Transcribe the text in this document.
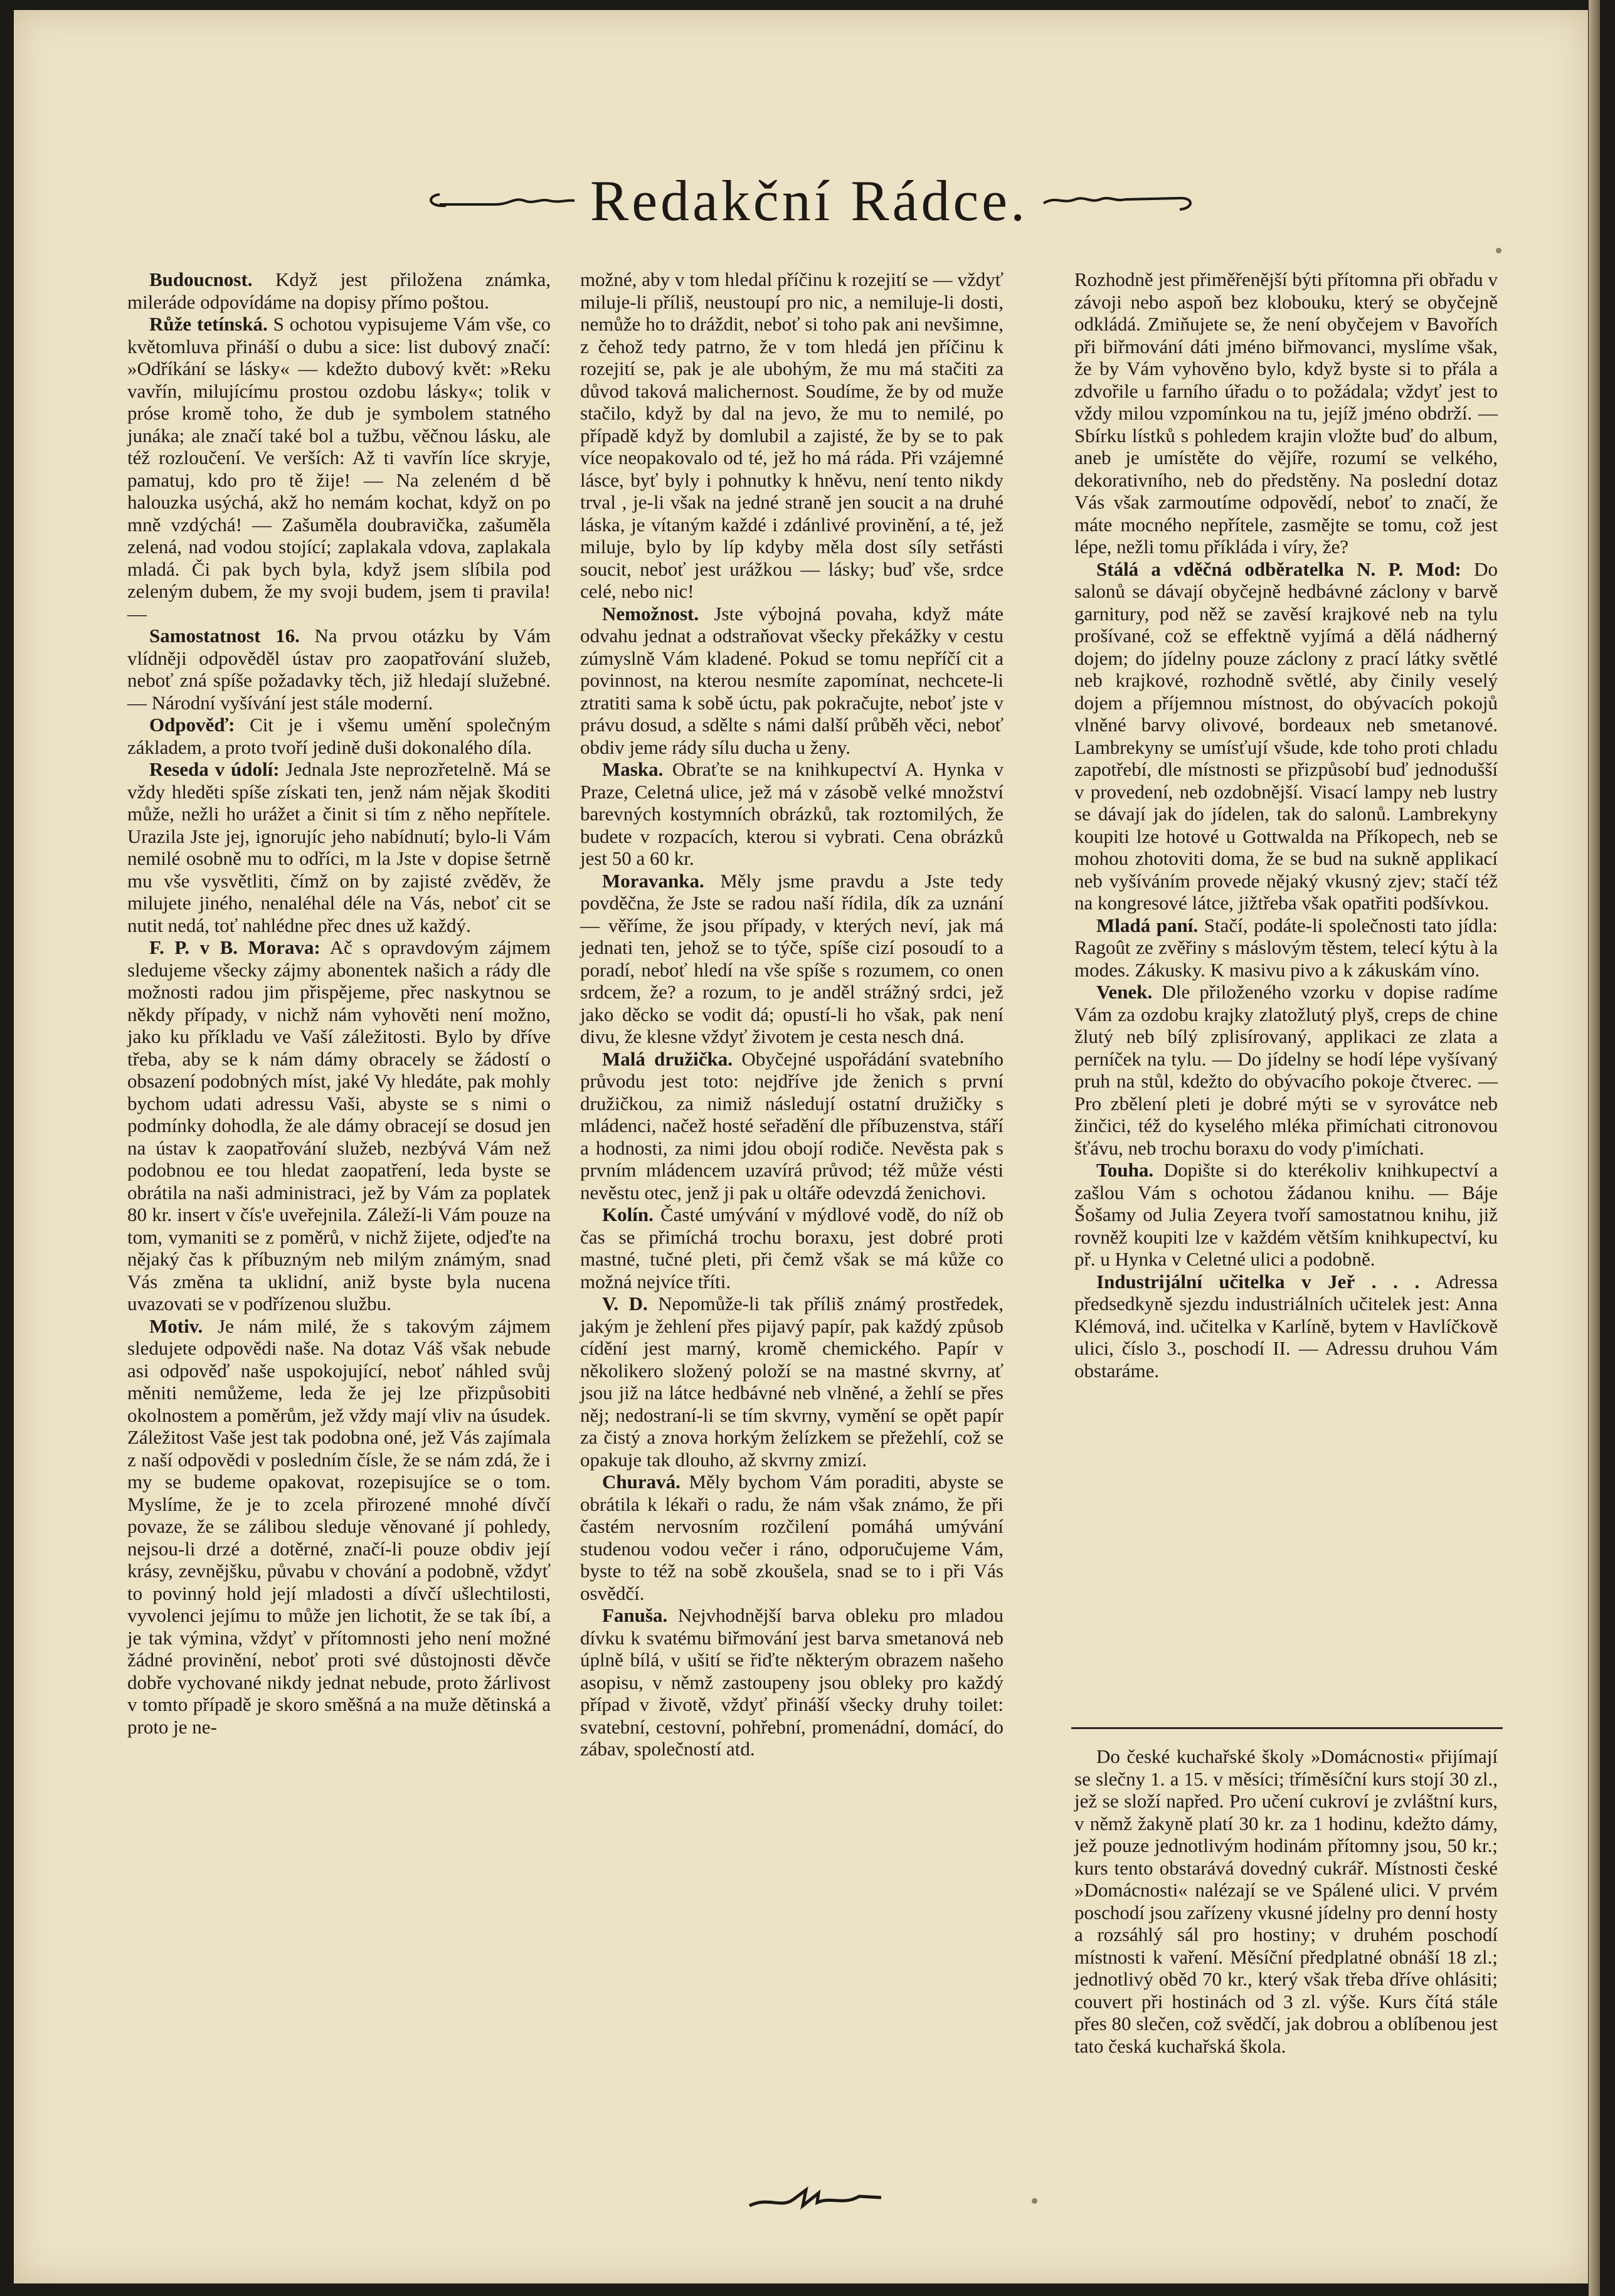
Redakční Rádce.

Budoucnost. Když jest přiložena známka, mileráde odpovídáme na dopisy přímo poštou.

Růže tetínská. S ochotou vypisujeme Vám vše, co květomluva přináší o dubu a sice: list dubový značí: »Odříkání se lásky« — kdežto dubový květ: »Reku vavřín, milujícímu prostou ozdobu lásky«; tolik v próse kromě toho, že dub je symbolem statného junáka; ale značí také bol a tužbu, věčnou lásku, ale též rozloučení. Ve verších: Až ti vavřín líce skryje, pamatuj, kdo pro tě žije! — Na zeleném d bě halouzka usýchá, akž ho nemám kochat, když on po mně vzdýchá! — Zašuměla doubravička, zašuměla zelená, nad vodou stojící; zaplakala vdova, zaplakala mladá. Či pak bych byla, když jsem slíbila pod zeleným dubem, že my svoji budem, jsem ti pravila! —

Samostatnost 16. Na prvou otázku by Vám vlídněji odpověděl ústav pro zaopatřování služeb, neboť zná spíše požadavky těch, již hledají služebné. — Národní vyšívání jest stále moderní.

Odpověď: Cit je i všemu umění společným základem, a proto tvoří jedině duši dokonalého díla.

Reseda v údolí: Jednala Jste neprozřetelně. Má se vždy hleděti spíše získati ten, jenž nám nějak škoditi může, nežli ho urážet a činit si tím z něho nepřítele. Urazila Jste jej, ignorujíc jeho nabídnutí; bylo-li Vám nemilé osobně mu to odříci, m la Jste v dopise šetrně mu vše vysvětliti, čímž on by zajisté zvěděv, že milujete jiného, nenaléhal déle na Vás, neboť cit se nutit nedá, toť nahlédne přec dnes už každý.

F. P. v B. Morava: Ač s opravdovým zájmem sledujeme všecky zájmy abonentek našich a rády dle možnosti radou jim přispějeme, přec naskytnou se někdy případy, v nichž nám vyhověti není možno, jako ku příkladu ve Vaší záležitosti. Bylo by dříve třeba, aby se k nám dámy obracely se žádostí o obsazení podobných míst, jaké Vy hledáte, pak mohly bychom udati adressu Vaši, abyste se s nimi o podmínky dohodla, že ale dámy obracejí se dosud jen na ústav k zaopatřování služeb, nezbývá Vám než podobnou ee tou hledat zaopatření, leda byste se obrátila na naši administraci, jež by Vám za poplatek 80 kr. insert v čís'e uveřejnila. Záleží-li Vám pouze na tom, vymaniti se z poměrů, v nichž žijete, odjeďte na nějaký čas k příbuzným neb milým známým, snad Vás změna ta uklidní, aniž byste byla nucena uvazovati se v podřízenou službu.

Motiv. Je nám milé, že s takovým zájmem sledujete odpovědi naše. Na dotaz Váš však nebude asi odpověď naše uspokojující, neboť náhled svůj měniti nemůžeme, leda že jej lze přizpůsobiti okolnostem a poměrům, jež vždy mají vliv na úsudek. Záležitost Vaše jest tak podobna oné, jež Vás zajímala z naší odpovědi v posledním čísle, že se nám zdá, že i my se budeme opakovat, rozepisujíce se o tom. Myslíme, že je to zcela přirozené mnohé dívčí povaze, že se zálibou sleduje věnované jí pohledy, nejsou-li drzé a dotěrné, značí-li pouze obdiv její krásy, zevnějšku, půvabu v chování a podobně, vždyť to povinný hold její mladosti a dívčí ušlechtilosti, vyvolenci jejímu to může jen lichotit, že se tak íbí, a je tak výmina, vždyť v přítomnosti jeho není možné žádné provinění, neboť proti své důstojnosti děvče dobře vychované nikdy jednat nebude, proto žárlivost v tomto případě je skoro směšná a na muže dětinská a proto je ne-

možné, aby v tom hledal příčinu k rozejití se — vždyť miluje-li příliš, neustoupí pro nic, a nemiluje-li dosti, nemůže ho to dráždit, neboť si toho pak ani nevšimne, z čehož tedy patrno, že v tom hledá jen příčinu k rozejití se, pak je ale ubohým, že mu má stačiti za důvod taková malichernost. Soudíme, že by od muže stačilo, když by dal na jevo, že mu to nemilé, po případě když by domlubil a zajisté, že by se to pak více neopakovalo od té, jež ho má ráda. Při vzájemné lásce, byť byly i pohnutky k hněvu, není tento nikdy trval , je-li však na jedné straně jen soucit a na druhé láska, je vítaným každé i zdánlivé provinění, a té, jež miluje, bylo by líp kdyby měla dost síly setřásti soucit, neboť jest urážkou — lásky; buď vše, srdce celé, nebo nic!

Nemožnost. Jste výbojná povaha, když máte odvahu jednat a odstraňovat všecky překážky v cestu zúmyslně Vám kladené. Pokud se tomu nepříčí cit a povinnost, na kterou nesmíte zapomínat, nechcete-li ztratiti sama k sobě úctu, pak pokračujte, neboť jste v právu dosud, a sdělte s námi další průběh věci, neboť obdiv jeme rády sílu ducha u ženy.

Maska. Obraťte se na knihkupectví A. Hynka v Praze, Celetná ulice, jež má v zásobě velké množství barevných kostymních obrázků, tak roztomilých, že budete v rozpacích, kterou si vybrati. Cena obrázků jest 50 a 60 kr.

Moravanka. Měly jsme pravdu a Jste tedy povděčna, že Jste se radou naší řídila, dík za uznání — věříme, že jsou případy, v kterých neví, jak má jednati ten, jehož se to týče, spíše cizí posoudí to a poradí, neboť hledí na vše spíše s rozumem, co onen srdcem, že? a rozum, to je anděl strážný srdci, jež jako děcko se vodit dá; opustí-li ho však, pak není divu, že klesne vždyť životem je cesta nesch dná.

Malá družička. Obyčejné uspořádání svatebního průvodu jest toto: nejdříve jde ženich s první družičkou, za nimiž následují ostatní družičky s mládenci, načež hosté seřadění dle příbuzenstva, stáří a hodnosti, za nimi jdou obojí rodiče. Nevěsta pak s prvním mládencem uzavírá průvod; též může vésti nevěstu otec, jenž ji pak u oltáře odevzdá ženichovi.

Kolín. Časté umývání v mýdlové vodě, do níž ob čas se přimíchá trochu boraxu, jest dobré proti mastné, tučné pleti, při čemž však se má kůže co možná nejvíce tříti.

V. D. Nepomůže-li tak příliš známý prostředek, jakým je žehlení přes pijavý papír, pak každý způsob cídění jest marný, kromě chemického. Papír v několikero složený položí se na mastné skvrny, ať jsou již na látce hedbávné neb vlněné, a žehlí se přes něj; nedostraní-li se tím skvrny, vymění se opět papír za čistý a znova horkým želízkem se přežehlí, což se opakuje tak dlouho, až skvrny zmizí.

Churavá. Měly bychom Vám poraditi, abyste se obrátila k lékaři o radu, že nám však známo, že při častém nervosním rozčilení pomáhá umývání studenou vodou večer i ráno, odporučujeme Vám, byste to též na sobě zkoušela, snad se to i při Vás osvědčí.

Fanuša. Nejvhodnější barva obleku pro mladou dívku k svatému biřmování jest barva smetanová neb úplně bílá, v ušití se řiďte některým obrazem našeho asopisu, v němž zastoupeny jsou obleky pro každý případ v životě, vždyť přináší všecky druhy toilet: svatební, cestovní, pohřební, promenádní, domácí, do zábav, společností atd.

Rozhodně jest přiměřenější býti přítomna při obřadu v závoji nebo aspoň bez klobouku, který se obyčejně odkládá. Zmiňujete se, že není obyčejem v Bavořích při biřmování dáti jméno biřmovanci, myslíme však, že by Vám vyhověno bylo, když byste si to přála a zdvořile u farního úřadu o to požádala; vždyť jest to vždy milou vzpomínkou na tu, jejíž jméno obdrží. — Sbírku lístků s pohledem krajin vložte buď do album, aneb je umístěte do vějíře, rozumí se velkého, dekorativního, neb do předstěny. Na poslední dotaz Vás však zarmoutíme odpovědí, neboť to značí, že máte mocného nepřítele, zasmějte se tomu, což jest lépe, nežli tomu příkláda i víry, že?

Stálá a vděčná odběratelka N. P. Mod: Do salonů se dávají obyčejně hedbávné záclony v barvě garnitury, pod něž se zavěsí krajkové neb na tylu prošívané, což se effektně vyjímá a dělá nádherný dojem; do jídelny pouze záclony z prací látky světlé neb krajkové, rozhodně světlé, aby činily veselý dojem a příjemnou místnost, do obývacích pokojů vlněné barvy olivové, bordeaux neb smetanové. Lambrekyny se umísťují všude, kde toho proti chladu zapotřebí, dle místnosti se přizpůsobí buď jednodušší v provedení, neb ozdobnější. Visací lampy neb lustry se dávají jak do jídelen, tak do salonů. Lambrekyny koupiti lze hotové u Gottwalda na Příkopech, neb se mohou zhotoviti doma, že se bud na sukně applikací neb vyšíváním provede nějaký vkusný zjev; stačí též na kongresové látce, jižtřeba však opatřiti podšívkou.

Mladá paní. Stačí, podáte-li společnosti tato jídla: Ragoût ze zvěřiny s máslovým těstem, telecí kýtu à la modes. Zákusky. K masivu pivo a k zákuskám víno.

Venek. Dle přiloženého vzorku v dopise radíme Vám za ozdobu krajky zlatožlutý plyš, creps de chine žlutý neb bílý zplisírovaný, applikaci ze zlata a perníček na tylu. — Do jídelny se hodí lépe vyšívaný pruh na stůl, kdežto do obývacího pokoje čtverec. — Pro zbělení pleti je dobré mýti se v syrovátce neb žinčici, též do kyselého mléka přimíchati citronovou šťávu, neb trochu boraxu do vody p'imíchati.

Touha. Dopište si do kterékoliv knihkupectví a zašlou Vám s ochotou žádanou knihu. — Báje Šošamy od Julia Zeyera tvoří samostatnou knihu, již rovněž koupiti lze v každém větším knihkupectví, ku př. u Hynka v Celetné ulici a podobně.

Industrijální učitelka v Jeř . . . Adressa předsedkyně sjezdu industriálních učitelek jest: Anna Klémová, ind. učitelka v Karlíně, bytem v Havlíčkově ulici, číslo 3., poschodí II. — Adressu druhou Vám obstaráme.

Do české kuchařské školy »Domácnosti« přijímají se slečny 1. a 15. v měsíci; tříměsíční kurs stojí 30 zl., jež se složí napřed. Pro učení cukroví je zvláštní kurs, v němž žakyně platí 30 kr. za 1 hodinu, kdežto dámy, jež pouze jednotlivým hodinám přítomny jsou, 50 kr.; kurs tento obstarává dovedný cukrář. Místnosti české »Domácnosti« nalézají se ve Spálené ulici. V prvém poschodí jsou zařízeny vkusné jídelny pro denní hosty a rozsáhlý sál pro hostiny; v druhém poschodí místnosti k vaření. Měsíční předplatné obnáší 18 zl.; jednotlivý oběd 70 kr., který však třeba dříve ohlásiti; couvert při hostinách od 3 zl. výše. Kurs čítá stále přes 80 slečen, což svědčí, jak dobrou a oblíbenou jest tato česká kuchařská škola.
